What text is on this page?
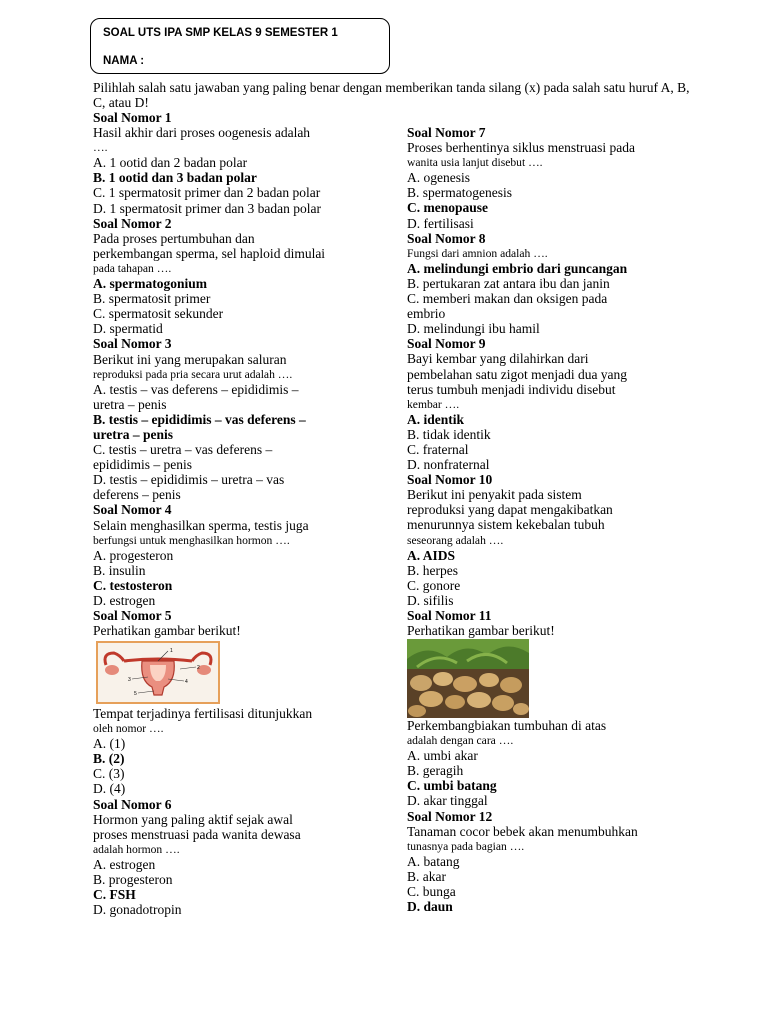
SOAL UTS IPA SMP KELAS 9 SEMESTER 1
NAMA :
Pilihlah salah satu jawaban yang paling benar dengan memberikan tanda silang (x) pada salah satu huruf A, B, C, atau D!
Soal Nomor 1
Hasil akhir dari proses oogenesis adalah
….
A. 1 ootid dan 2 badan polar
B. 1 ootid dan 3 badan polar
C. 1 spermatosit primer dan 2 badan polar
D. 1 spermatosit primer dan 3 badan polar
Soal Nomor 2
Pada proses pertumbuhan dan
perkembangan sperma, sel haploid dimulai
pada tahapan ….
A. spermatogonium
B. spermatosit primer
C. spermatosit sekunder
D. spermatid
Soal Nomor 3
Berikut ini yang merupakan saluran
reproduksi pada pria secara urut adalah ….
A. testis – vas deferens – epididimis –
uretra – penis
B. testis – epididimis – vas deferens –
uretra – penis
C. testis – uretra – vas deferens –
epididimis – penis
D. testis – epididimis – uretra – vas
deferens – penis
Soal Nomor 4
Selain menghasilkan sperma, testis juga
berfungsi untuk menghasilkan hormon ….
A. progesteron
B. insulin
C. testosteron
D. estrogen
Soal Nomor 5
Perhatikan gambar berikut!
1
2
3	4
5
Tempat terjadinya fertilisasi ditunjukkan
oleh nomor ….
A. (1)
B. (2)
C. (3)
D. (4)
Soal Nomor 6
Hormon yang paling aktif sejak awal
proses menstruasi pada wanita dewasa
adalah hormon ….
A. estrogen
B. progesteron
C. FSH
D. gonadotropin
Soal Nomor 7
Proses berhentinya siklus menstruasi pada
wanita usia lanjut disebut ….
A. ogenesis
B. spermatogenesis
C. menopause
D. fertilisasi
Soal Nomor 8
Fungsi dari amnion adalah ….
A. melindungi embrio dari guncangan
B. pertukaran zat antara ibu dan janin
C. memberi makan dan oksigen pada
embrio
D. melindungi ibu hamil
Soal Nomor 9
Bayi kembar yang dilahirkan dari
pembelahan satu zigot menjadi dua yang
terus tumbuh menjadi individu disebut
kembar ….
A. identik
B. tidak identik
C. fraternal
D. nonfraternal
Soal Nomor 10
Berikut ini penyakit pada sistem
reproduksi yang dapat mengakibatkan
menurunnya sistem kekebalan tubuh
seseorang adalah ….
A. AIDS
B. herpes
C. gonore
D. sifilis
Soal Nomor 11
Perhatikan gambar berikut!
Perkembangbiakan tumbuhan di atas
adalah dengan cara ….
A. umbi akar
B. geragih
C. umbi batang
D. akar tinggal
Soal Nomor 12
Tanaman cocor bebek akan menumbuhkan
tunasnya pada bagian ….
A. batang
B. akar
C. bunga
D. daun
